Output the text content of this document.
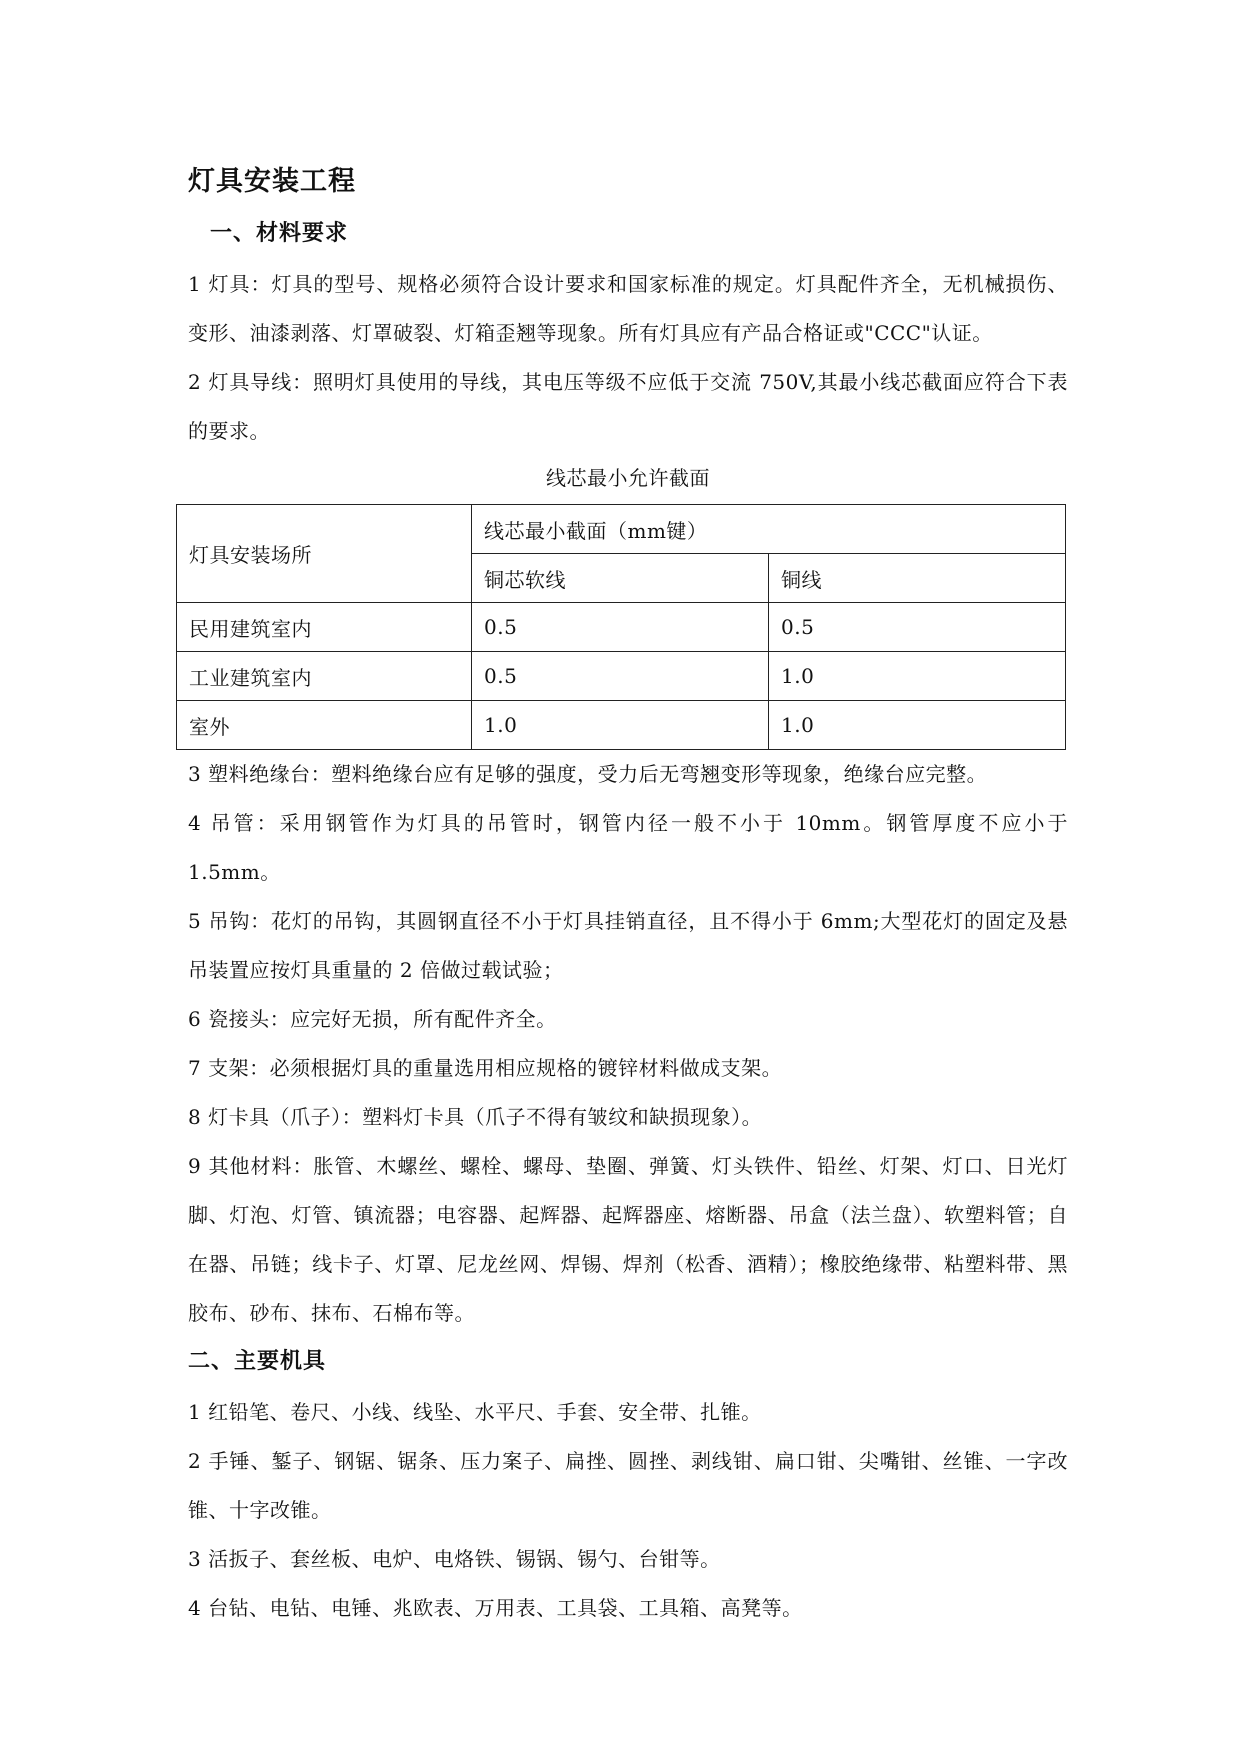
灯具安装工程
一、材料要求

1 灯具：灯具的型号、规格必须符合设计要求和国家标准的规定。灯具配件齐全，无机械损伤、变形、油漆剥落、灯罩破裂、灯箱歪翘等现象。所有灯具应有产品合格证或"CCC"认证。

2 灯具导线：照明灯具使用的导线，其电压等级不应低于交流 750V,其最小线芯截面应符合下表的要求。

线芯最小允许截面
灯具安装场所	线芯最小截面（mm键）	
	铜芯软线	铜线
民用建筑室内	0.5	0.5
工业建筑室内	0.5	1.0
室外	1.0	1.0

3 塑料绝缘台：塑料绝缘台应有足够的强度，受力后无弯翘变形等现象，绝缘台应完整。

4 吊管：采用钢管作为灯具的吊管时，钢管内径一般不小于 10mm。钢管厚度不应小于 1.5mm。

5 吊钩：花灯的吊钩，其圆钢直径不小于灯具挂销直径，且不得小于 6mm;大型花灯的固定及悬吊装置应按灯具重量的 2 倍做过载试验；

6 瓷接头：应完好无损，所有配件齐全。

7 支架：必须根据灯具的重量选用相应规格的镀锌材料做成支架。

8 灯卡具（爪子）：塑料灯卡具（爪子不得有皱纹和缺损现象）。

9 其他材料：胀管、木螺丝、螺栓、螺母、垫圈、弹簧、灯头铁件、铅丝、灯架、灯口、日光灯脚、灯泡、灯管、镇流器；电容器、起辉器、起辉器座、熔断器、吊盒（法兰盘）、软塑料管；自在器、吊链；线卡子、灯罩、尼龙丝网、焊锡、焊剂（松香、酒精）；橡胶绝缘带、粘塑料带、黑胶布、砂布、抹布、石棉布等。

二、主要机具

1 红铅笔、卷尺、小线、线坠、水平尺、手套、安全带、扎锥。

2 手锤、錾子、钢锯、锯条、压力案子、扁挫、圆挫、剥线钳、扁口钳、尖嘴钳、丝锥、一字改锥、十字改锥。

3 活扳子、套丝板、电炉、电烙铁、锡锅、锡勺、台钳等。

4 台钻、电钻、电锤、兆欧表、万用表、工具袋、工具箱、高凳等。
